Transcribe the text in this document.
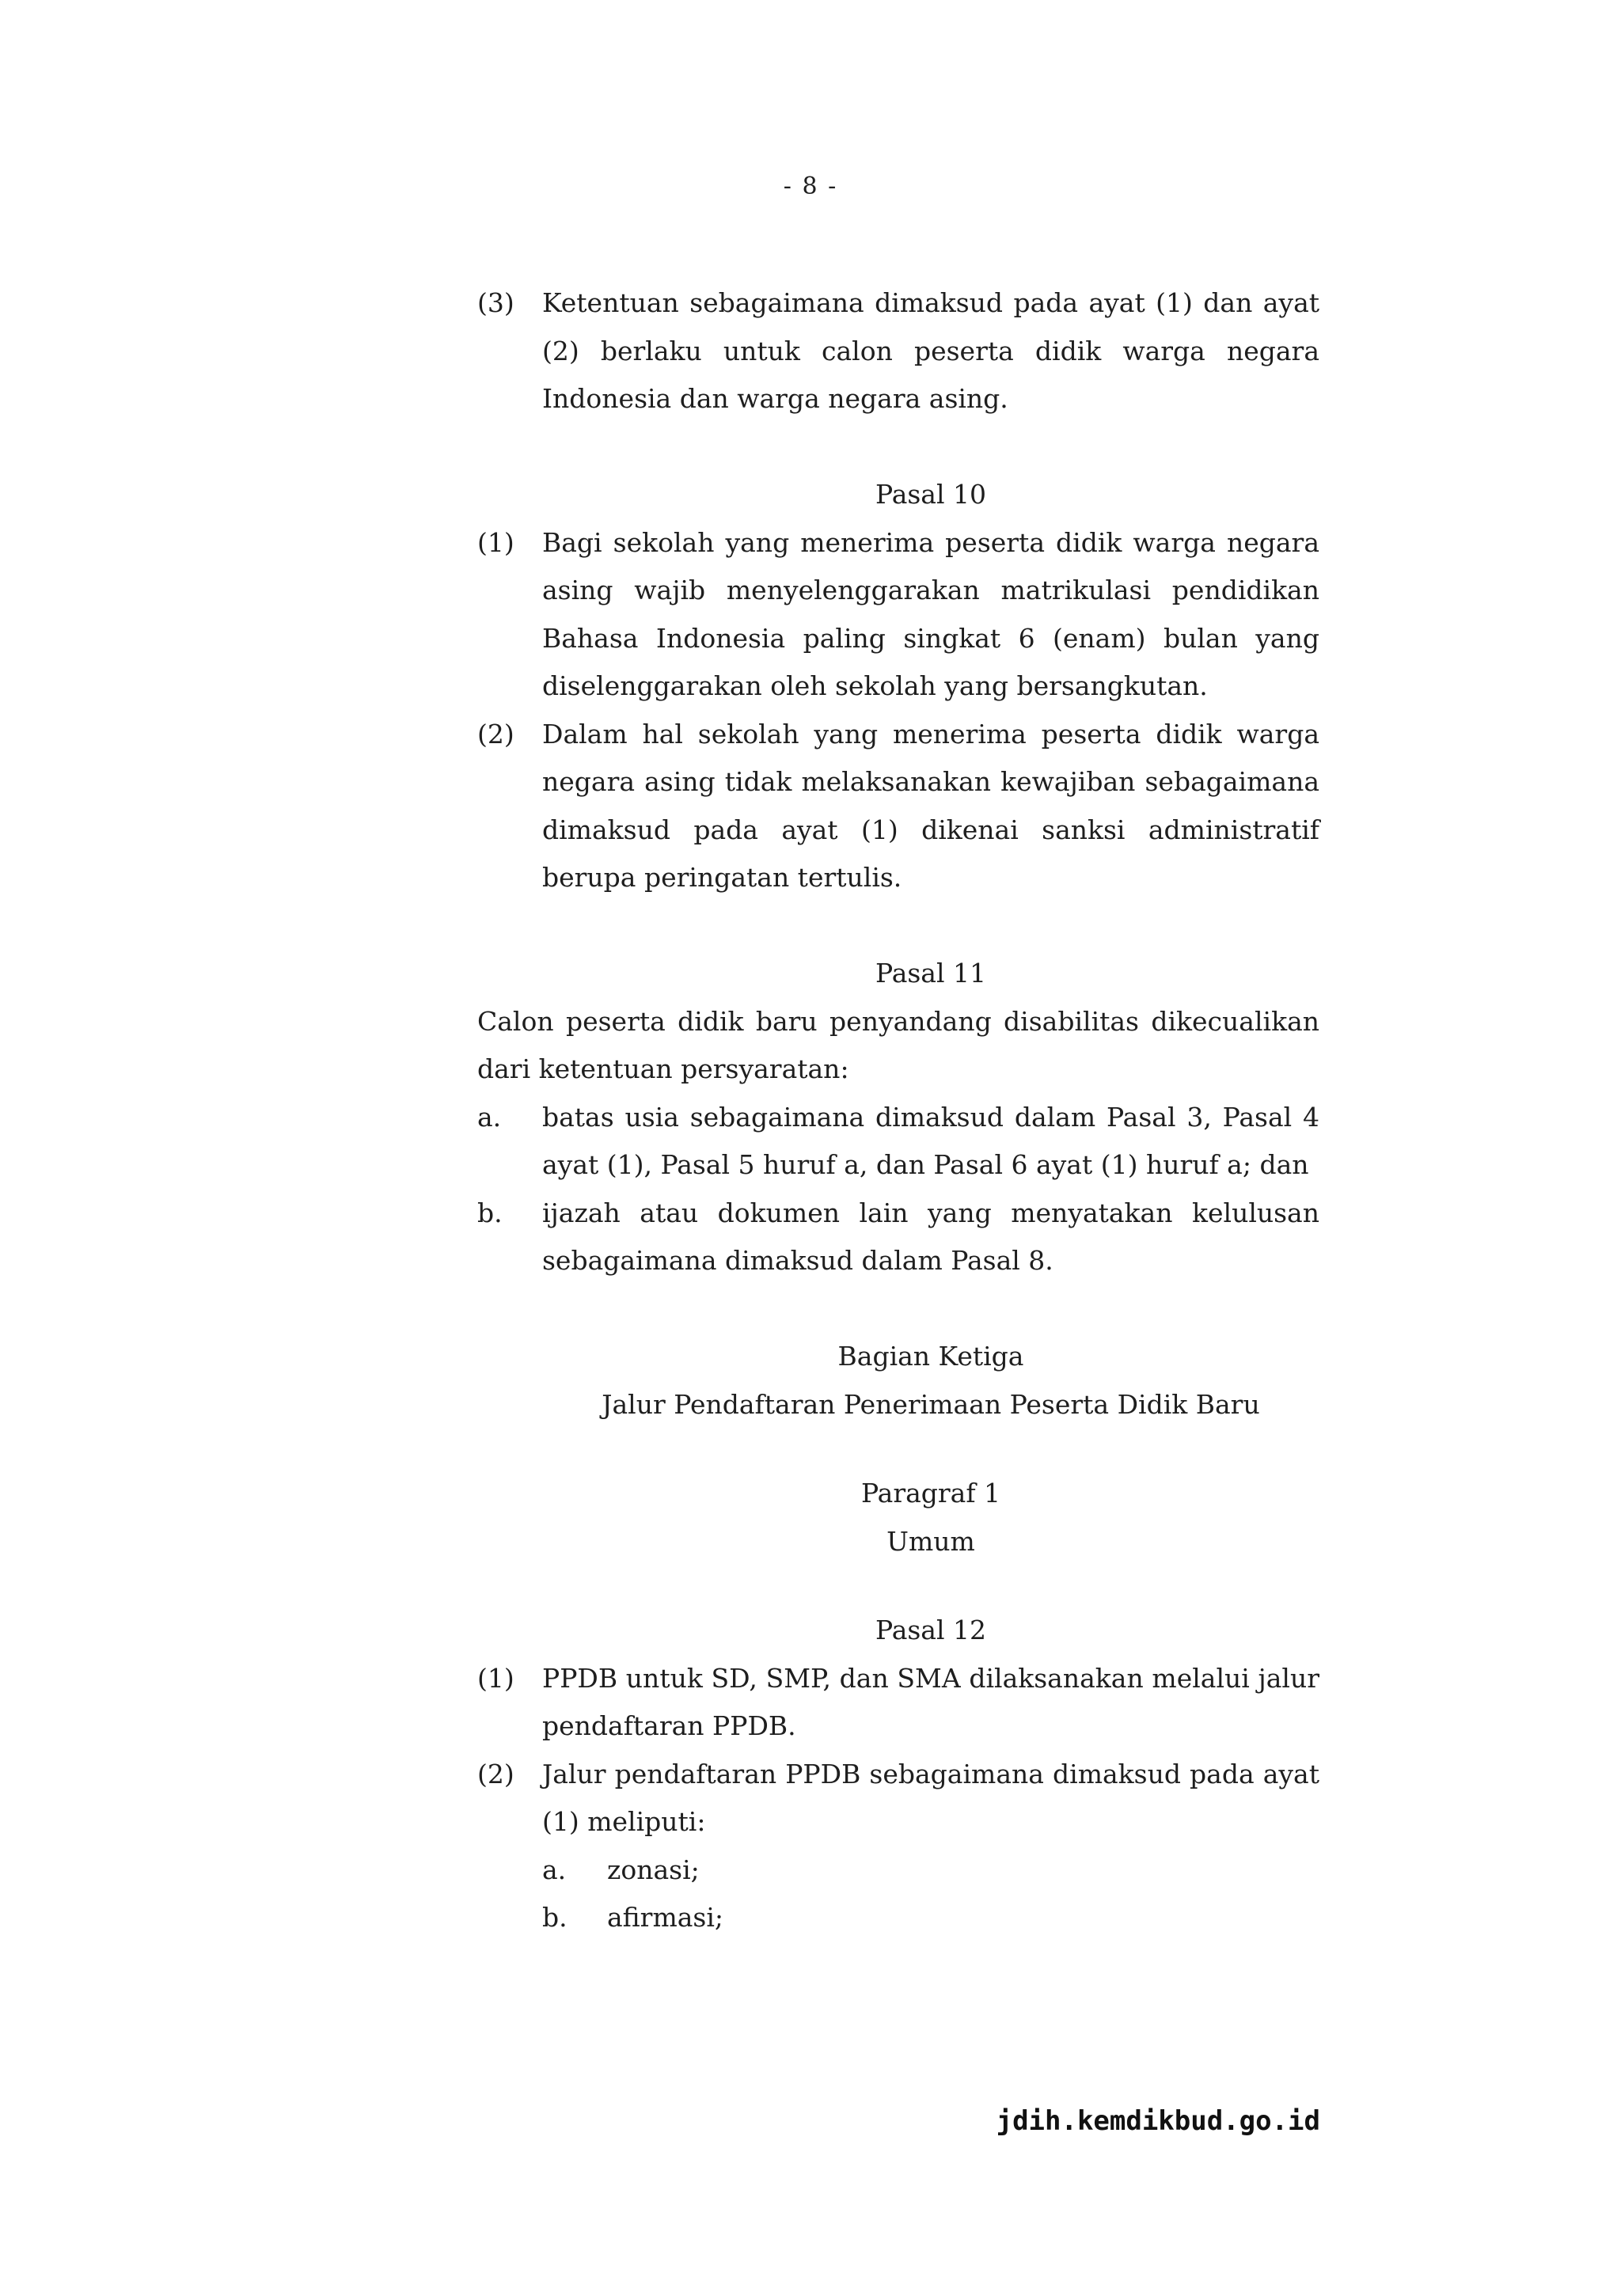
- 8 -
(3)	Ketentuan sebagaimana dimaksud pada ayat (1) dan ayat (2) berlaku untuk calon peserta didik warga negara Indonesia dan warga negara asing.
Pasal 10
(1)	Bagi sekolah yang menerima peserta didik warga negara asing wajib menyelenggarakan matrikulasi pendidikan Bahasa Indonesia paling singkat 6 (enam) bulan yang diselenggarakan oleh sekolah yang bersangkutan.
(2)	Dalam hal sekolah yang menerima peserta didik warga negara asing tidak melaksanakan kewajiban sebagaimana dimaksud pada ayat (1) dikenai sanksi administratif berupa peringatan tertulis.
Pasal 11
Calon peserta didik baru penyandang disabilitas dikecualikan dari ketentuan persyaratan:
a.	batas usia sebagaimana dimaksud dalam Pasal 3, Pasal 4 ayat (1), Pasal 5 huruf a, dan Pasal 6 ayat (1) huruf a; dan
b.	ijazah atau dokumen lain yang menyatakan kelulusan sebagaimana dimaksud dalam Pasal 8.
Bagian Ketiga
Jalur Pendaftaran Penerimaan Peserta Didik Baru
Paragraf 1
Umum
Pasal 12
(1)	PPDB untuk SD, SMP, dan SMA dilaksanakan melalui jalur pendaftaran PPDB.
(2)	Jalur pendaftaran PPDB sebagaimana dimaksud pada ayat (1) meliputi:
a.	zonasi;
b.	afirmasi;
jdih.kemdikbud.go.id
